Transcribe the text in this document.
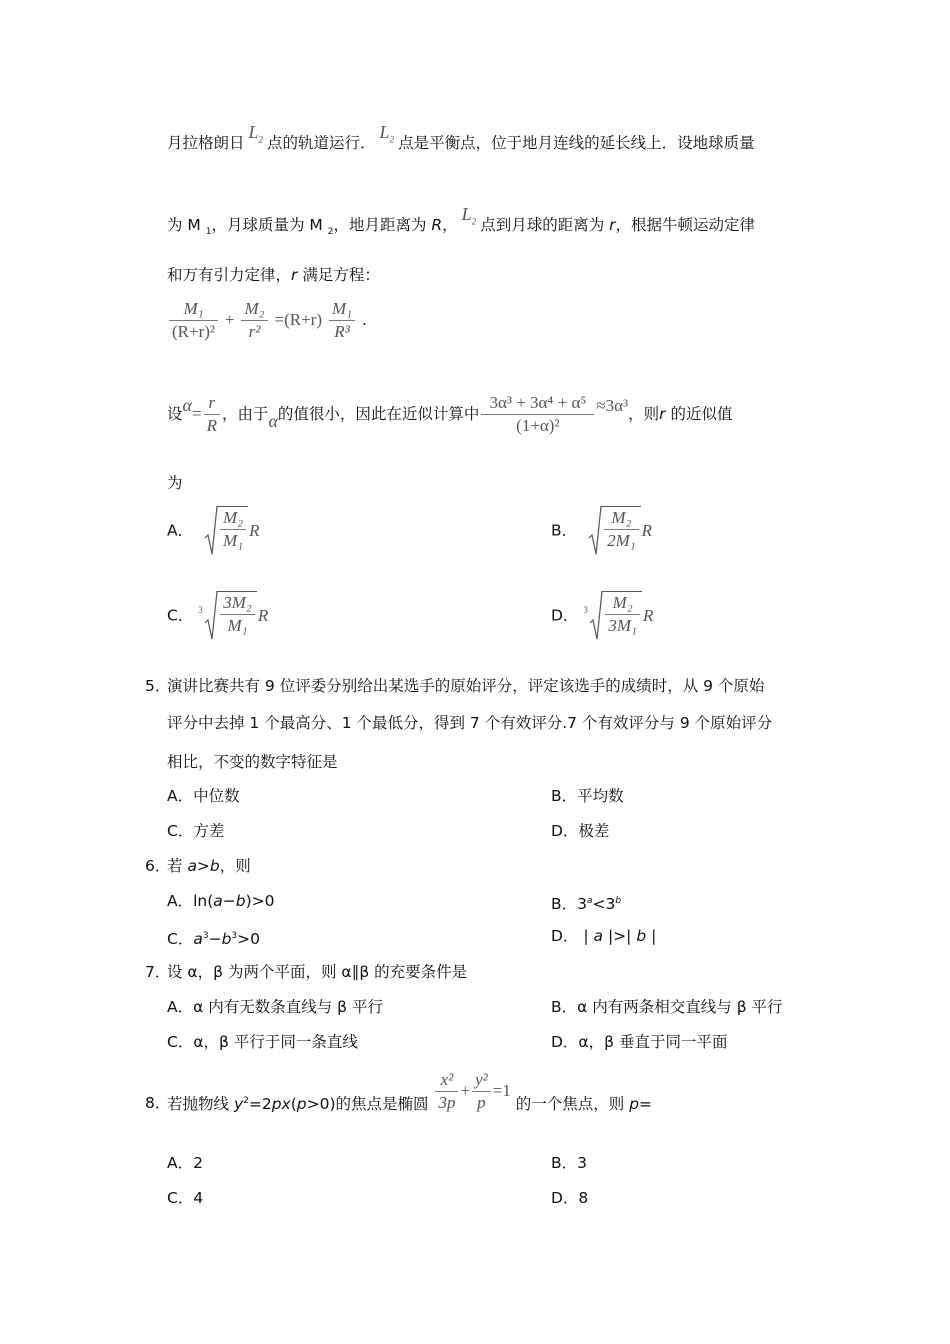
月拉格朗日$L_2$ 点的轨道运行．$L_2$ 点是平衡点，位于地月连线的延长线上．设地球质量
为 M $_1$，月球质量为 M $_2$，地月距离为 R，$L_2$ 点到月球的距离为 r，根据牛顿运动定律
和万有引力定律，r 满足方程：
$\frac{\text{M₁}}{\text{(R+r)²}} + \frac{\text{M₂}}{\text{r²}} =(R+r) \frac{\text{M₁}}{\text{R³}}$ .
设$\alpha= \frac{r}{R}$ ，由于α的值很小，因此在近似计算中 $\frac{\text{3α³ + 3α⁴ + α⁵}}{\text{(1+α)²}} \approx 3\alpha^3$，则r 的近似值
为
A． $\frac{\text{M₂}}{\text{M₁}}$ R	B． $\frac{\text{M₂}}{\text{2M₁}}$ R
C． $3 \frac{\text{3M₂}}{\text{M₁}}$ R	D． $3 \frac{\text{M₂}}{\text{3M₁}}$ R
5．
演讲比赛共有 9 位评委分别给出某选手的原始评分，评定该选手的成绩时，从 9 个原始
评分中去掉 1 个最高分、1 个最低分，得到 7 个有效评分.7 个有效评分与 9 个原始评分
相比，不变的数字特征是
A．中位数	B．平均数
C．方差	D．极差
6．
若 a>b，则
A．ln(a−b)>0	B．$3^a<3^b$
C．$a^3-b^3>0$	D． | a |>| b |
7．
设 α，β 为两个平面，则 α∥β 的充要条件是
A．α 内有无数条直线与 β 平行	B．α 内有两条相交直线与 β 平行
C．α，β 平行于同一条直线	D．α，β 垂直于同一平面
8．
若抛物线 $y^2=2px(p>0)$的焦点是椭圆 $\frac{\text{x²}}{3p} + \frac{\text{y²}}{p} =1$ 的一个焦点，则 p=
A．2	B．3
C．4	D．8
